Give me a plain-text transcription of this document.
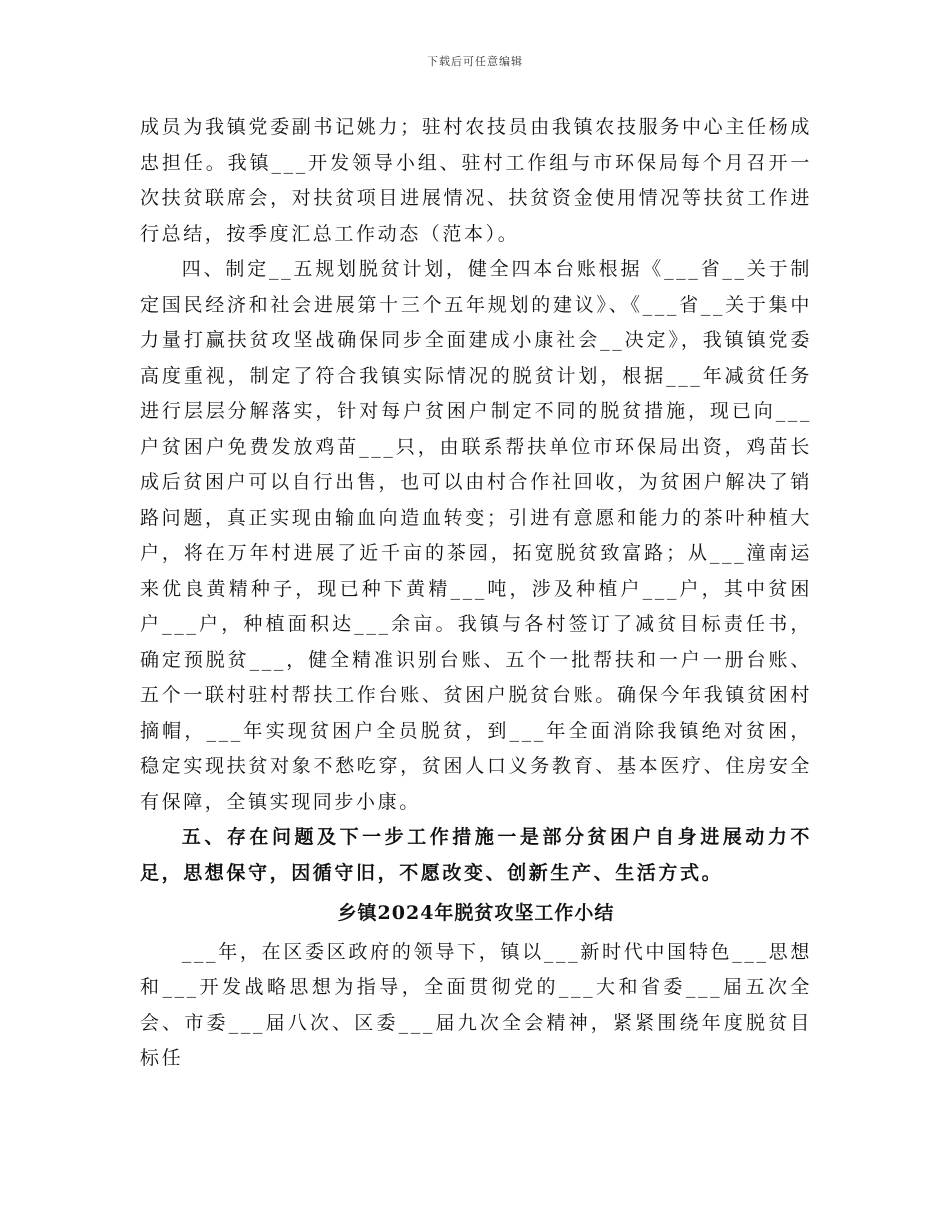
下载后可任意编辑

成员为我镇党委副书记姚力；驻村农技员由我镇农技服务中心主任杨成忠担任。我镇___开发领导小组、驻村工作组与市环保局每个月召开一次扶贫联席会，对扶贫项目进展情况、扶贫资金使用情况等扶贫工作进行总结，按季度汇总工作动态（范本）。

四、制定__五规划脱贫计划，健全四本台账根据《___省__关于制定国民经济和社会进展第十三个五年规划的建议》、《___省__关于集中力量打赢扶贫攻坚战确保同步全面建成小康社会__决定》，我镇镇党委高度重视，制定了符合我镇实际情况的脱贫计划，根据___年减贫任务进行层层分解落实，针对每户贫困户制定不同的脱贫措施，现已向___户贫困户免费发放鸡苗___只，由联系帮扶单位市环保局出资，鸡苗长成后贫困户可以自行出售，也可以由村合作社回收，为贫困户解决了销路问题，真正实现由输血向造血转变；引进有意愿和能力的茶叶种植大户，将在万年村进展了近千亩的茶园，拓宽脱贫致富路；从___潼南运来优良黄精种子，现已种下黄精___吨，涉及种植户___户，其中贫困户___户，种植面积达___余亩。我镇与各村签订了减贫目标责任书，确定预脱贫___，健全精准识别台账、五个一批帮扶和一户一册台账、五个一联村驻村帮扶工作台账、贫困户脱贫台账。确保今年我镇贫困村摘帽，___年实现贫困户全员脱贫，到___年全面消除我镇绝对贫困，稳定实现扶贫对象不愁吃穿，贫困人口义务教育、基本医疗、住房安全有保障，全镇实现同步小康。

五、存在问题及下一步工作措施一是部分贫困户自身进展动力不足，思想保守，因循守旧，不愿改变、创新生产、生活方式。

乡镇2024年脱贫攻坚工作小结

___年，在区委区政府的领导下，镇以___新时代中国特色___思想和___开发战略思想为指导，全面贯彻党的___大和省委___届五次全会、市委___届八次、区委___届九次全会精神，紧紧围绕年度脱贫目标任
